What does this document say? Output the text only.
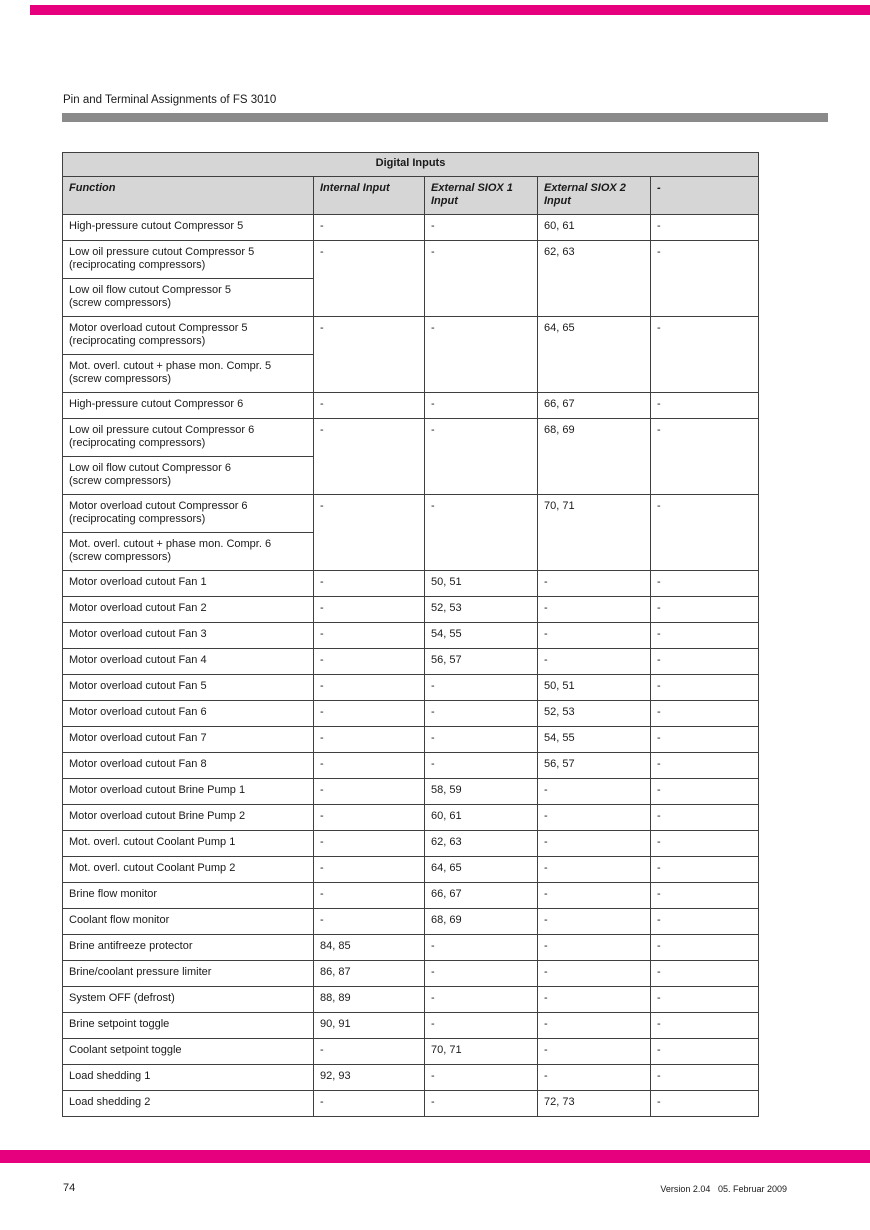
Pin and Terminal Assignments of FS 3010
Digital Inputs				
Function	Internal Input	External SIOX 1 Input	External SIOX 2 Input	-
High-pressure cutout Compressor 5	-	-	60, 61	-
Low oil pressure cutout Compressor 5
(reciprocating compressors)	-	-	62, 63	-
Low oil flow cutout Compressor 5
(screw compressors)				
Motor overload cutout Compressor 5
(reciprocating compressors)	-	-	64, 65	-
Mot. overl. cutout + phase mon. Compr. 5
(screw compressors)				
High-pressure cutout Compressor 6	-	-	66, 67	-
Low oil pressure cutout Compressor 6
(reciprocating compressors)	-	-	68, 69	-
Low oil flow cutout Compressor 6
(screw compressors)				
Motor overload cutout Compressor 6
(reciprocating compressors)	-	-	70, 71	-
Mot. overl. cutout + phase mon. Compr. 6
(screw compressors)				
Motor overload cutout Fan 1	-	50, 51	-	-
Motor overload cutout Fan 2	-	52, 53	-	-
Motor overload cutout Fan 3	-	54, 55	-	-
Motor overload cutout Fan 4	-	56, 57	-	-
Motor overload cutout Fan 5	-	-	50, 51	-
Motor overload cutout Fan 6	-	-	52, 53	-
Motor overload cutout Fan 7	-	-	54, 55	-
Motor overload cutout Fan 8	-	-	56, 57	-
Motor overload cutout Brine Pump 1	-	58, 59	-	-
Motor overload cutout Brine Pump 2	-	60, 61	-	-
Mot. overl. cutout Coolant Pump 1	-	62, 63	-	-
Mot. overl. cutout Coolant Pump 2	-	64, 65	-	-
Brine flow monitor	-	66, 67	-	-
Coolant flow monitor	-	68, 69	-	-
Brine antifreeze protector	84, 85	-	-	-
Brine/coolant pressure limiter	86, 87	-	-	-
System OFF (defrost)	88, 89	-	-	-
Brine setpoint toggle	90, 91	-	-	-
Coolant setpoint toggle	-	70, 71	-	-
Load shedding 1	92, 93	-	-	-
Load shedding 2	-	-	72, 73	-
74	Version 2.04   05. Februar 2009
